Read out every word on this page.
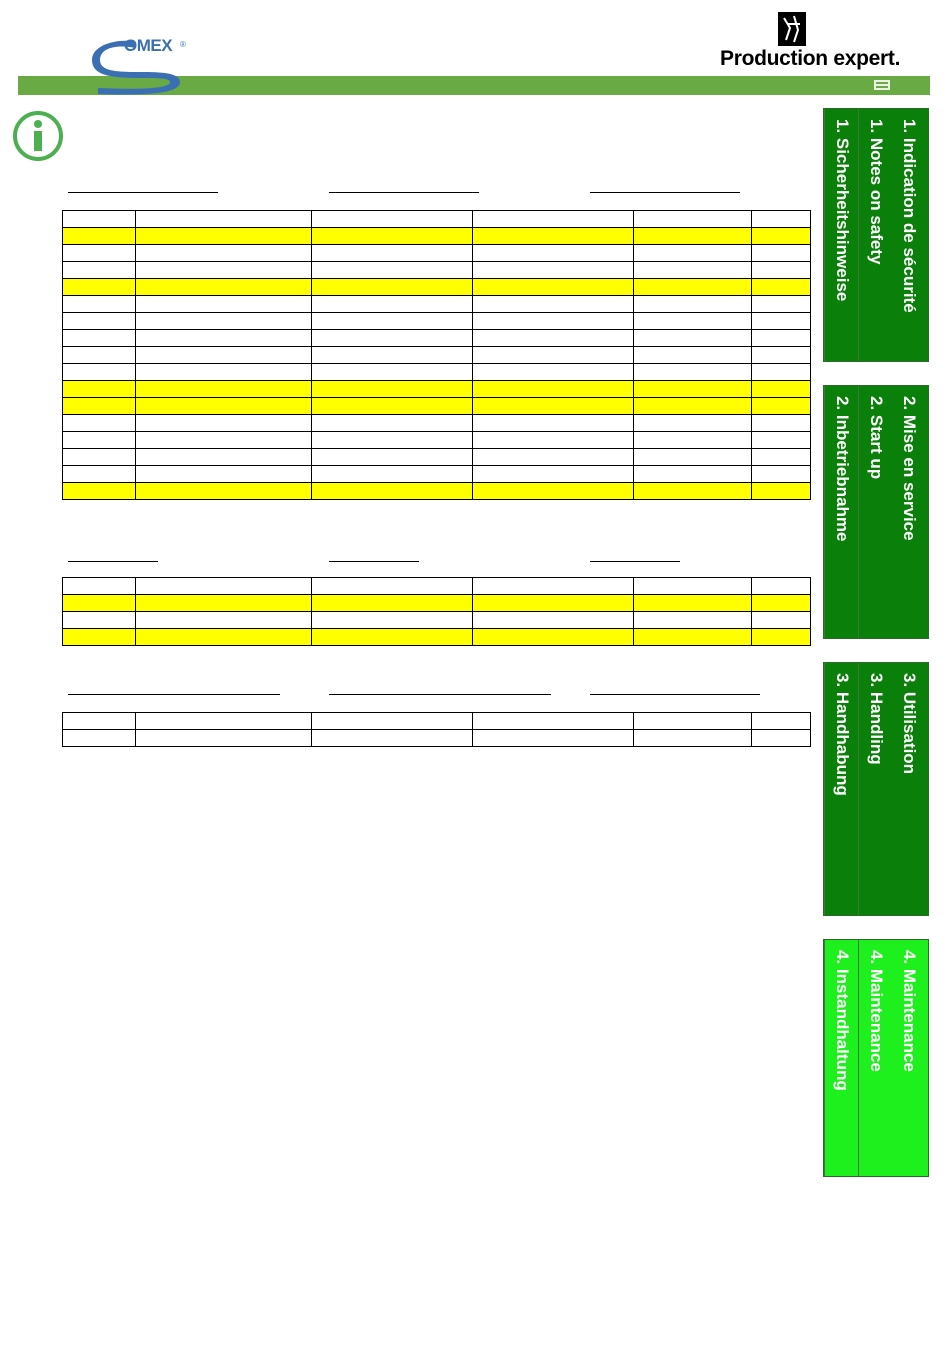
OMEX ®
Production expert.

1. Indication de sécurité
1. Notes on safety
1. Sicherheitshinweise
2. Mise en service
2. Start up
2. Inbetriebnahme
3. Utilisation
3. Handling
3. Handhabung
4. Maintenance
4. Maintenance
4. Instandhaltung
